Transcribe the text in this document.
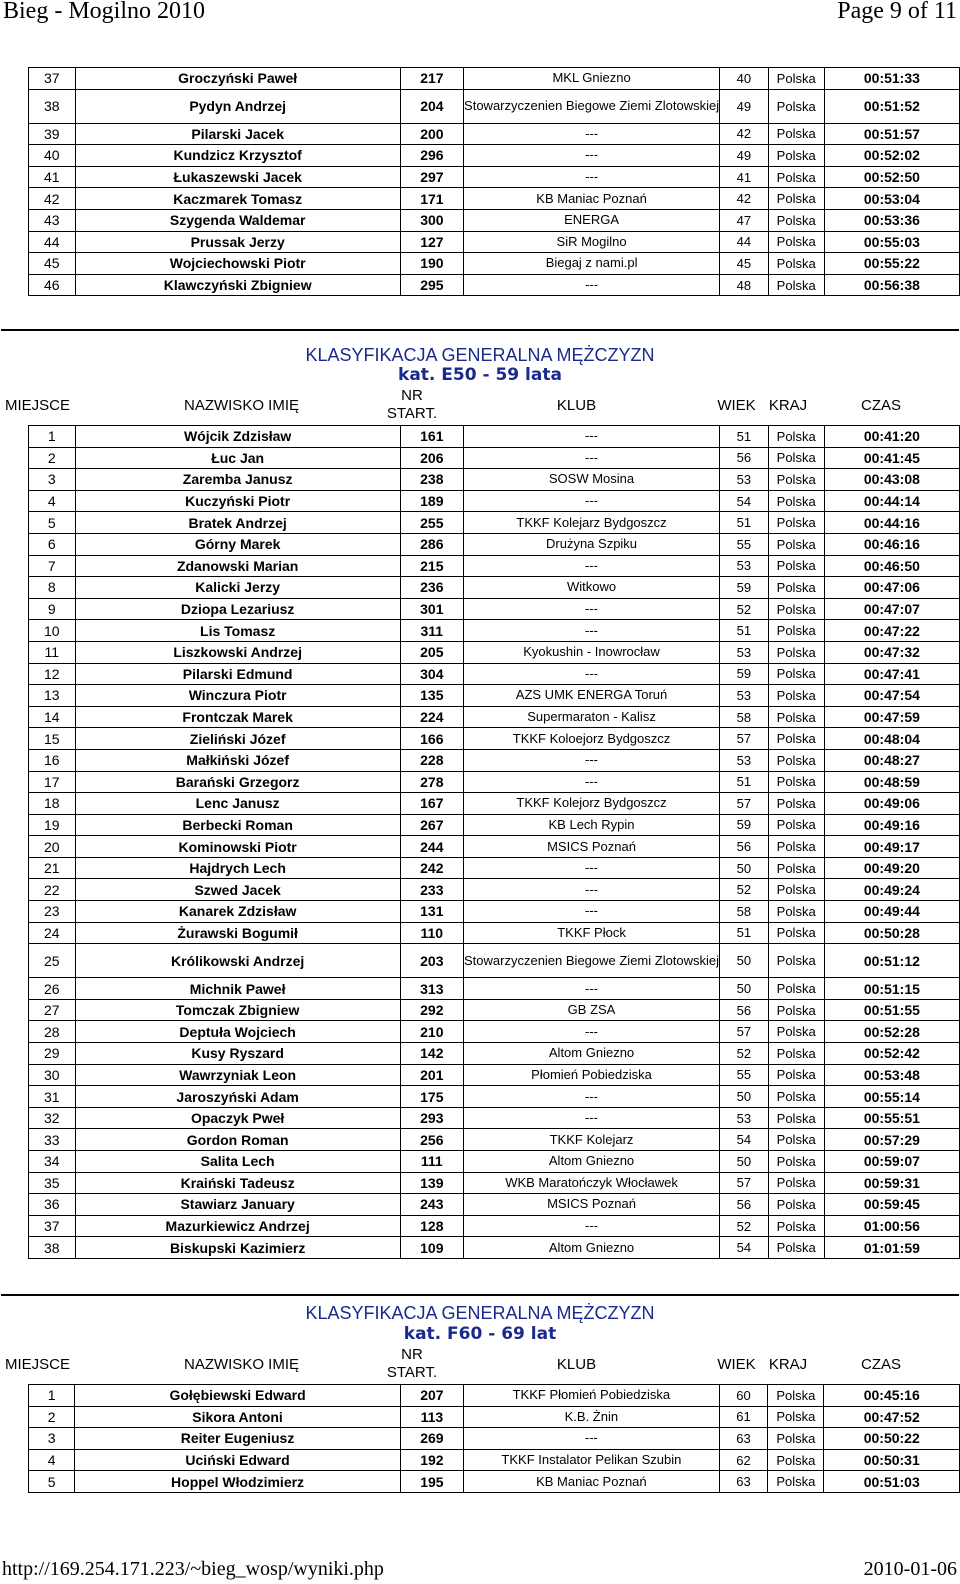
Bieg - Mogilno 2010	Page 9 of 11
37	Groczyński Paweł	217	MKL Gniezno	40	Polska	00:51:33
38	Pydyn Andrzej	204	Stowarzyczenien Biegowe Ziemi Zlotowskiej	49	Polska	00:51:52
39	Pilarski Jacek	200	---	42	Polska	00:51:57
40	Kundzicz Krzysztof	296	---	49	Polska	00:52:02
41	Łukaszewski Jacek	297	---	41	Polska	00:52:50
42	Kaczmarek Tomasz	171	KB Maniac Poznań	42	Polska	00:53:04
43	Szygenda Waldemar	300	ENERGA	47	Polska	00:53:36
44	Prussak Jerzy	127	SiR Mogilno	44	Polska	00:55:03
45	Wojciechowski Piotr	190	Biegaj z nami.pl	45	Polska	00:55:22
46	Klawczyński Zbigniew	295	---	48	Polska	00:56:38
KLASYFIKACJA GENERALNA MĘŻCZYZN
kat. E50 - 59 lata
MIEJSCE	NAZWISKO IMIĘ
NR
START.	KLUB	WIEK KRAJ	CZAS
1	Wójcik Zdzisław	161	---	51	Polska	00:41:20
2	Łuc Jan	206	---	56	Polska	00:41:45
3	Zaremba Janusz	238	SOSW Mosina	53	Polska	00:43:08
4	Kuczyński Piotr	189	---	54	Polska	00:44:14
5	Bratek Andrzej	255	TKKF Kolejarz Bydgoszcz	51	Polska	00:44:16
6	Górny Marek	286	Drużyna Szpiku	55	Polska	00:46:16
7	Zdanowski Marian	215	---	53	Polska	00:46:50
8	Kalicki Jerzy	236	Witkowo	59	Polska	00:47:06
9	Dziopa Lezariusz	301	---	52	Polska	00:47:07
10	Lis Tomasz	311	---	51	Polska	00:47:22
11	Liszkowski Andrzej	205	Kyokushin - Inowrocław	53	Polska	00:47:32
12	Pilarski Edmund	304	---	59	Polska	00:47:41
13	Winczura Piotr	135	AZS UMK ENERGA Toruń	53	Polska	00:47:54
14	Frontczak Marek	224	Supermaraton - Kalisz	58	Polska	00:47:59
15	Zieliński Józef	166	TKKF Koloejorz Bydgoszcz	57	Polska	00:48:04
16	Małkiński Józef	228	---	53	Polska	00:48:27
17	Barański Grzegorz	278	---	51	Polska	00:48:59
18	Lenc Janusz	167	TKKF Kolejorz Bydgoszcz	57	Polska	00:49:06
19	Berbecki Roman	267	KB Lech Rypin	59	Polska	00:49:16
20	Kominowski Piotr	244	MSICS Poznań	56	Polska	00:49:17
21	Hajdrych Lech	242	---	50	Polska	00:49:20
22	Szwed Jacek	233	---	52	Polska	00:49:24
23	Kanarek Zdzisław	131	---	58	Polska	00:49:44
24	Żurawski Bogumił	110	TKKF Płock	51	Polska	00:50:28
25	Królikowski Andrzej	203	Stowarzyczenien Biegowe Ziemi Zlotowskiej	50	Polska	00:51:12
26	Michnik Paweł	313	---	50	Polska	00:51:15
27	Tomczak Zbigniew	292	GB ZSA	56	Polska	00:51:55
28	Deptuła Wojciech	210	---	57	Polska	00:52:28
29	Kusy Ryszard	142	Altom Gniezno	52	Polska	00:52:42
30	Wawrzyniak Leon	201	Płomień Pobiedziska	55	Polska	00:53:48
31	Jaroszyński Adam	175	---	50	Polska	00:55:14
32	Opaczyk Pweł	293	---	53	Polska	00:55:51
33	Gordon Roman	256	TKKF Kolejarz	54	Polska	00:57:29
34	Salita Lech	111	Altom Gniezno	50	Polska	00:59:07
35	Kraiński Tadeusz	139	WKB Maratończyk Włocławek	57	Polska	00:59:31
36	Stawiarz January	243	MSICS Poznań	56	Polska	00:59:45
37	Mazurkiewicz Andrzej	128	---	52	Polska	01:00:56
38	Biskupski Kazimierz	109	Altom Gniezno	54	Polska	01:01:59
KLASYFIKACJA GENERALNA MĘŻCZYZN
kat. F60 - 69 lat
MIEJSCE	NAZWISKO IMIĘ
NR
START.	KLUB	WIEK KRAJ	CZAS
1	Gołębiewski Edward	207	TKKF Płomień Pobiedziska	60	Polska	00:45:16
2	Sikora Antoni	113	K.B. Żnin	61	Polska	00:47:52
3	Reiter Eugeniusz	269	---	63	Polska	00:50:22
4	Uciński Edward	192	TKKF Instalator Pelikan Szubin	62	Polska	00:50:31
5	Hoppel Włodzimierz	195	KB Maniac Poznań	63	Polska	00:51:03
http://169.254.171.223/~bieg_wosp/wyniki.php	2010-01-06
